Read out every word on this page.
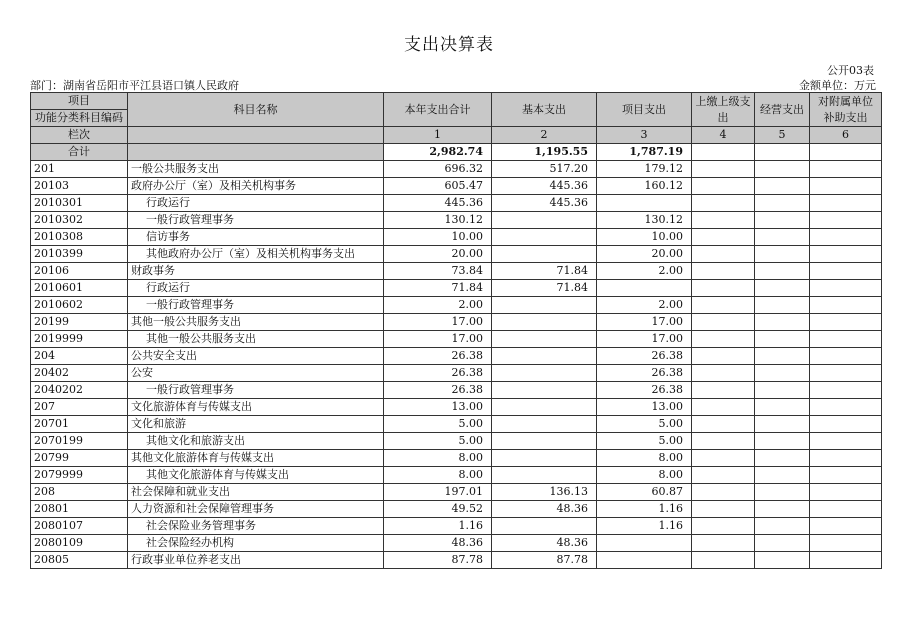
支出决算表
公开03表
部门：湖南省岳阳市平江县语口镇人民政府	金额单位：万元
项目	科目名称	本年支出合计	基本支出	项目支出	上缴上级支出	经营支出	对附属单位补助支出
功能分类科目编码							

栏次		1	2	3	4	5	6
合计		2,982.74	1,195.55	1,787.19			
201	一般公共服务支出	696.32	517.20	179.12			
20103	政府办公厅（室）及相关机构事务	605.47	445.36	160.12			
2010301	行政运行	445.36	445.36				
2010302	一般行政管理事务	130.12		130.12			
2010308	信访事务	10.00		10.00			
2010399	其他政府办公厅（室）及相关机构事务支出	20.00		20.00			
20106	财政事务	73.84	71.84	2.00			
2010601	行政运行	71.84	71.84				
2010602	一般行政管理事务	2.00		2.00			
20199	其他一般公共服务支出	17.00		17.00			
2019999	其他一般公共服务支出	17.00		17.00			
204	公共安全支出	26.38		26.38			
20402	公安	26.38		26.38			
2040202	一般行政管理事务	26.38		26.38			
207	文化旅游体育与传媒支出	13.00		13.00			
20701	文化和旅游	5.00		5.00			
2070199	其他文化和旅游支出	5.00		5.00			
20799	其他文化旅游体育与传媒支出	8.00		8.00			
2079999	其他文化旅游体育与传媒支出	8.00		8.00			
208	社会保障和就业支出	197.01	136.13	60.87			
20801	人力资源和社会保障管理事务	49.52	48.36	1.16			
2080107	社会保险业务管理事务	1.16		1.16			
2080109	社会保险经办机构	48.36	48.36				
20805	行政事业单位养老支出	87.78	87.78				
